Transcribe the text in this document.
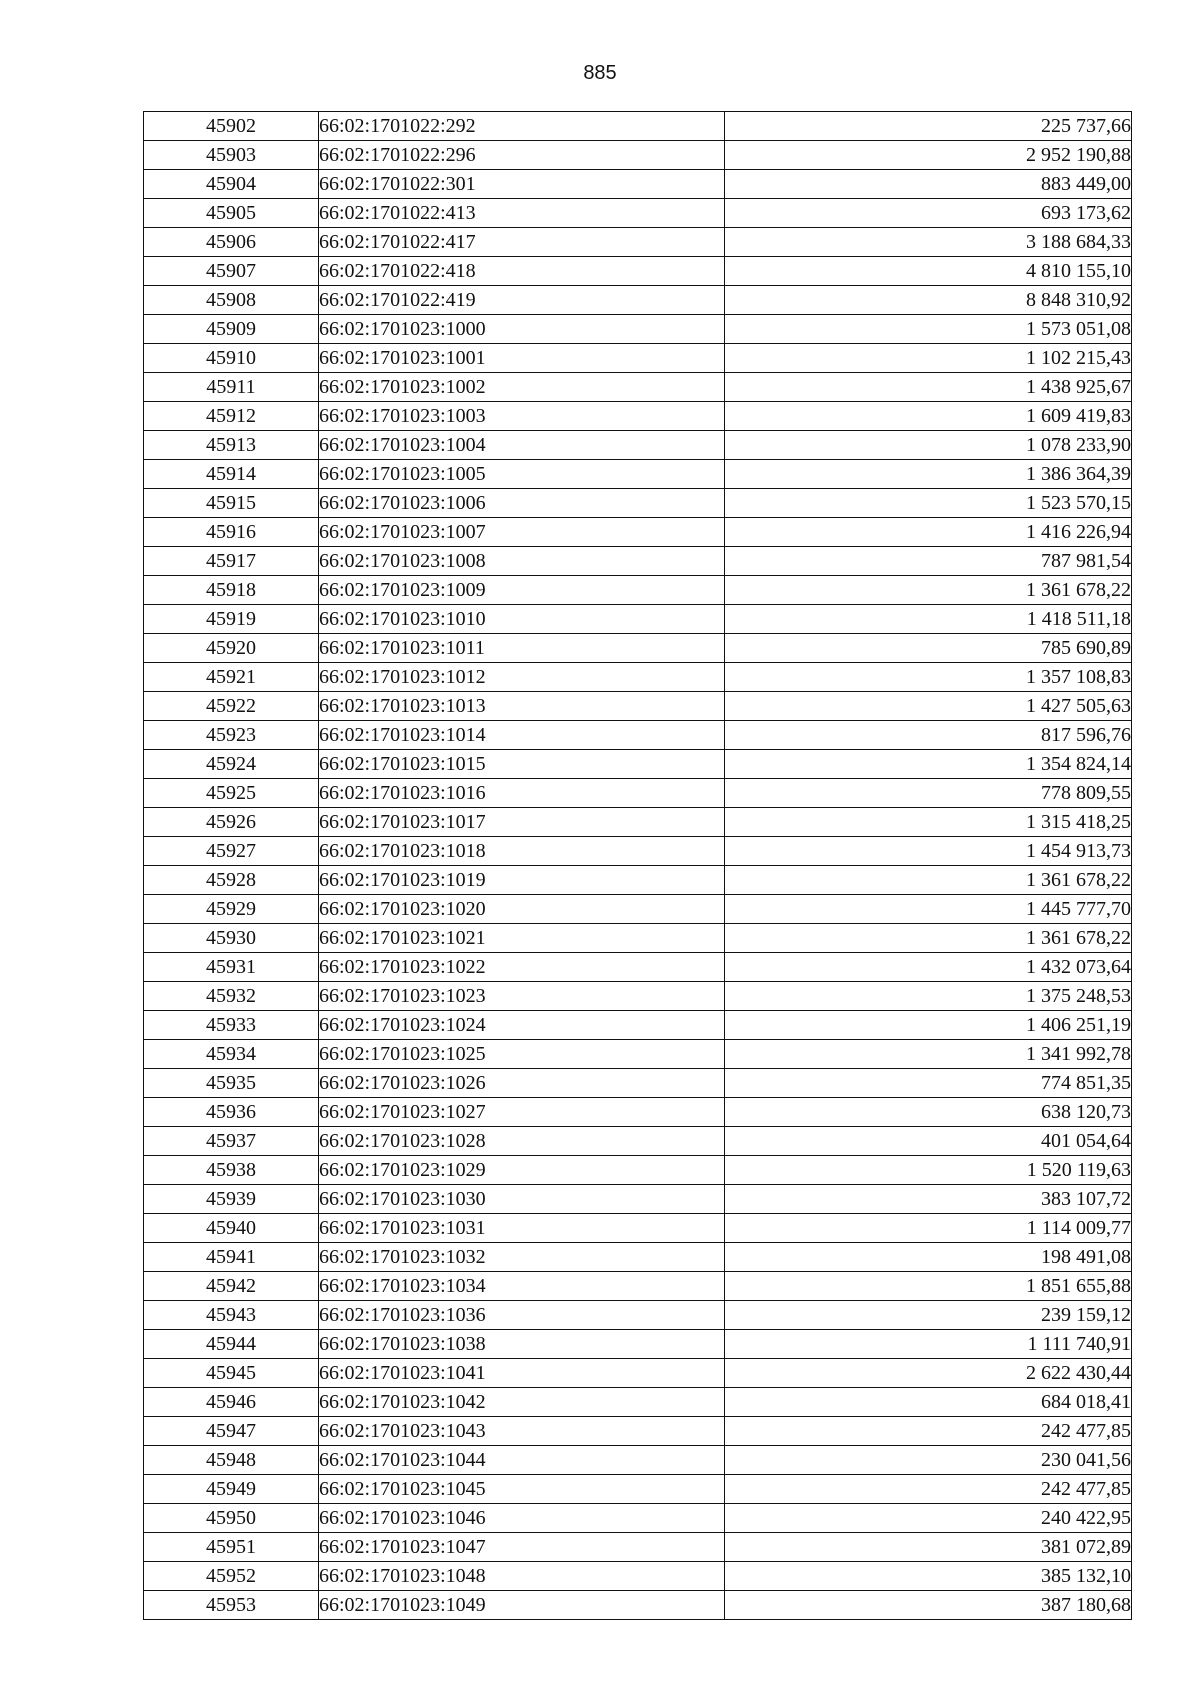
885
45902	66:02:1701022:292	225 737,66
45903	66:02:1701022:296	2 952 190,88
45904	66:02:1701022:301	883 449,00
45905	66:02:1701022:413	693 173,62
45906	66:02:1701022:417	3 188 684,33
45907	66:02:1701022:418	4 810 155,10
45908	66:02:1701022:419	8 848 310,92
45909	66:02:1701023:1000	1 573 051,08
45910	66:02:1701023:1001	1 102 215,43
45911	66:02:1701023:1002	1 438 925,67
45912	66:02:1701023:1003	1 609 419,83
45913	66:02:1701023:1004	1 078 233,90
45914	66:02:1701023:1005	1 386 364,39
45915	66:02:1701023:1006	1 523 570,15
45916	66:02:1701023:1007	1 416 226,94
45917	66:02:1701023:1008	787 981,54
45918	66:02:1701023:1009	1 361 678,22
45919	66:02:1701023:1010	1 418 511,18
45920	66:02:1701023:1011	785 690,89
45921	66:02:1701023:1012	1 357 108,83
45922	66:02:1701023:1013	1 427 505,63
45923	66:02:1701023:1014	817 596,76
45924	66:02:1701023:1015	1 354 824,14
45925	66:02:1701023:1016	778 809,55
45926	66:02:1701023:1017	1 315 418,25
45927	66:02:1701023:1018	1 454 913,73
45928	66:02:1701023:1019	1 361 678,22
45929	66:02:1701023:1020	1 445 777,70
45930	66:02:1701023:1021	1 361 678,22
45931	66:02:1701023:1022	1 432 073,64
45932	66:02:1701023:1023	1 375 248,53
45933	66:02:1701023:1024	1 406 251,19
45934	66:02:1701023:1025	1 341 992,78
45935	66:02:1701023:1026	774 851,35
45936	66:02:1701023:1027	638 120,73
45937	66:02:1701023:1028	401 054,64
45938	66:02:1701023:1029	1 520 119,63
45939	66:02:1701023:1030	383 107,72
45940	66:02:1701023:1031	1 114 009,77
45941	66:02:1701023:1032	198 491,08
45942	66:02:1701023:1034	1 851 655,88
45943	66:02:1701023:1036	239 159,12
45944	66:02:1701023:1038	1 111 740,91
45945	66:02:1701023:1041	2 622 430,44
45946	66:02:1701023:1042	684 018,41
45947	66:02:1701023:1043	242 477,85
45948	66:02:1701023:1044	230 041,56
45949	66:02:1701023:1045	242 477,85
45950	66:02:1701023:1046	240 422,95
45951	66:02:1701023:1047	381 072,89
45952	66:02:1701023:1048	385 132,10
45953	66:02:1701023:1049	387 180,68
